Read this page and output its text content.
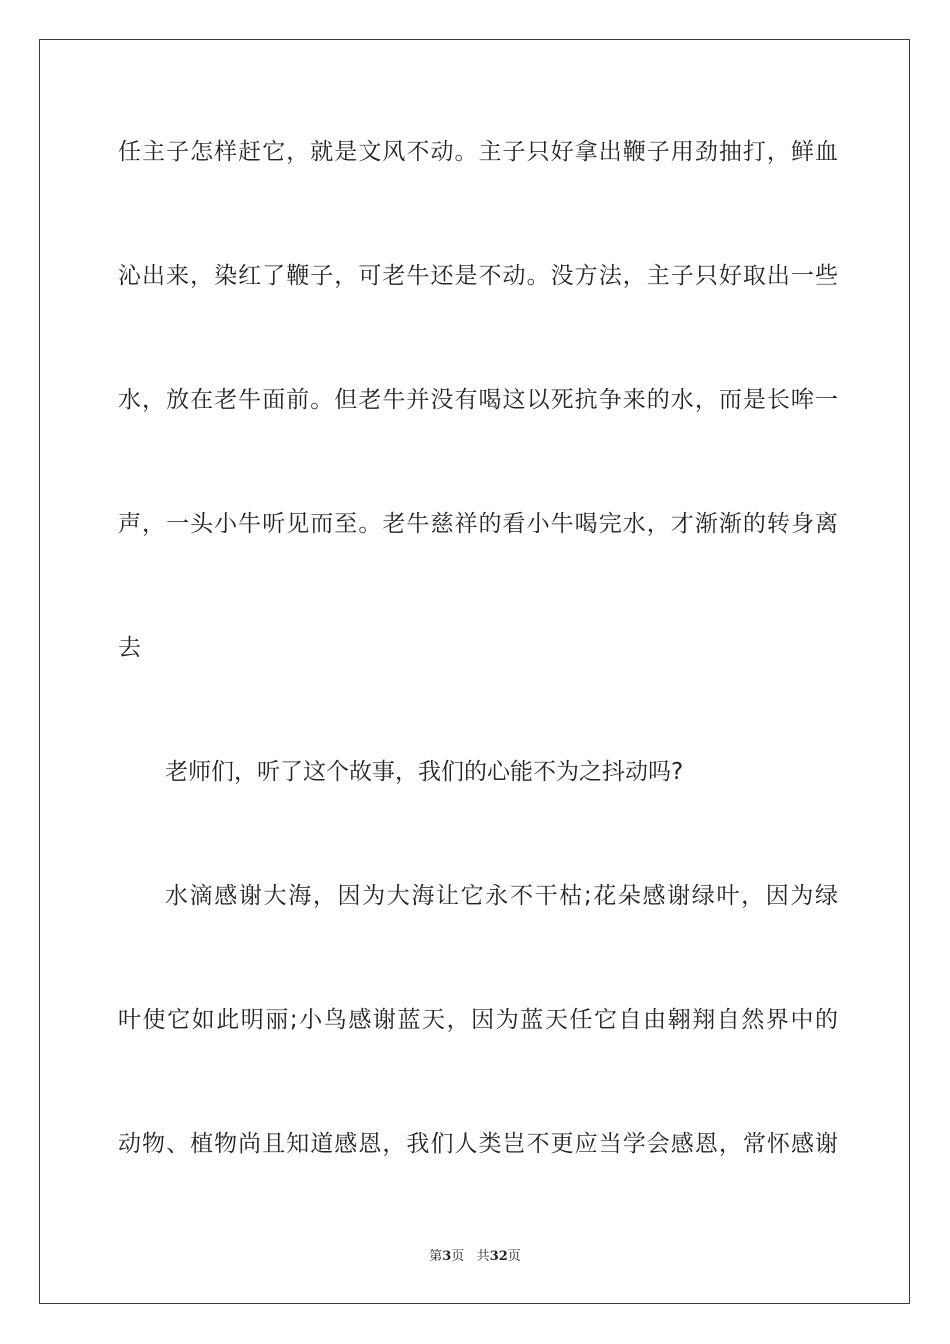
任主子怎样赶它，就是文风不动。主子只好拿出鞭子用劲抽打，鲜血

沁出来，染红了鞭子，可老牛还是不动。没方法，主子只好取出一些

水，放在老牛面前。但老牛并没有喝这以死抗争来的水，而是长哞一

声，一头小牛听见而至。老牛慈祥的看小牛喝完水，才渐渐的转身离

去

老师们，听了这个故事，我们的心能不为之抖动吗?

水滴感谢大海，因为大海让它永不干枯;花朵感谢绿叶，因为绿

叶使它如此明丽;小鸟感谢蓝天，因为蓝天任它自由翱翔自然界中的

动物、植物尚且知道感恩，我们人类岂不更应当学会感恩，常怀感谢

第3页 共32页
